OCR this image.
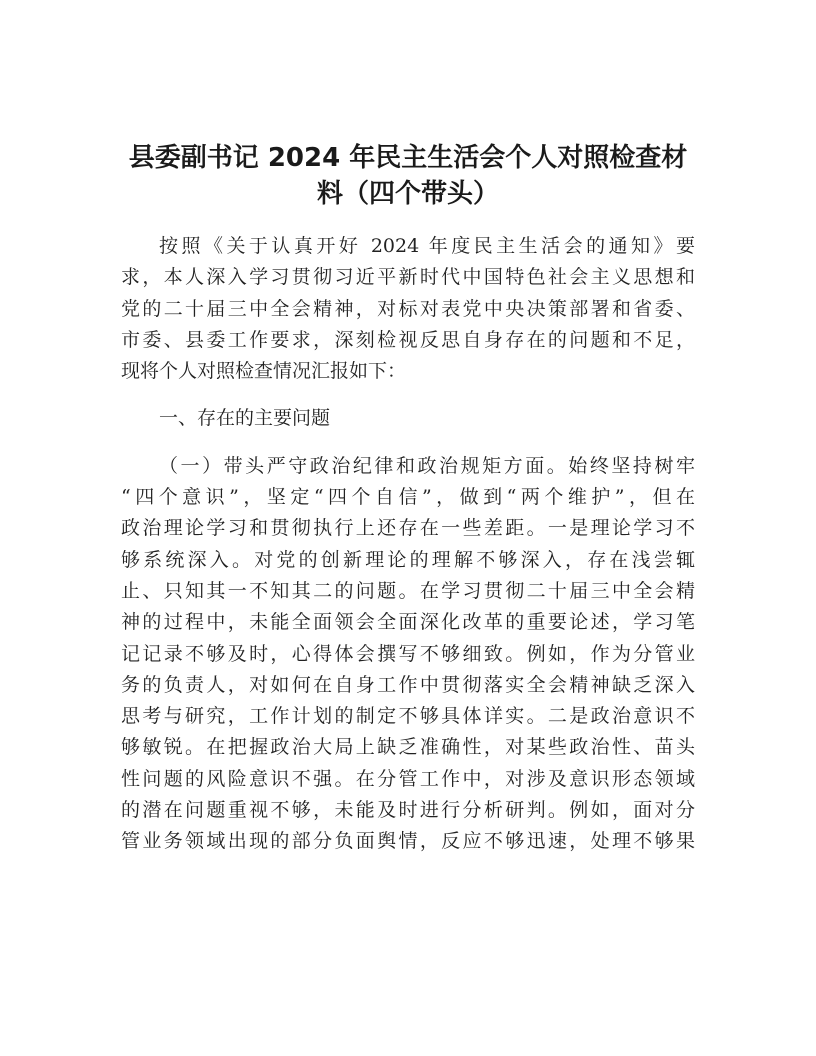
县委副书记 2024 年民主生活会个人对照检查材
料（四个带头）
按照《关于认真开好 2024 年度民主生活会的通知》要
求，本人深入学习贯彻习近平新时代中国特色社会主义思想和
党的二十届三中全会精神，对标对表党中央决策部署和省委、
市委、县委工作要求，深刻检视反思自身存在的问题和不足，
现将个人对照检查情况汇报如下：
一、存在的主要问题
（一）带头严守政治纪律和政治规矩方面。始终坚持树牢
“四个意识”，坚定“四个自信”，做到“两个维护”，但在
政治理论学习和贯彻执行上还存在一些差距。一是理论学习不
够系统深入。对党的创新理论的理解不够深入，存在浅尝辄
止、只知其一不知其二的问题。在学习贯彻二十届三中全会精
神的过程中，未能全面领会全面深化改革的重要论述，学习笔
记记录不够及时，心得体会撰写不够细致。例如，作为分管业
务的负责人，对如何在自身工作中贯彻落实全会精神缺乏深入
思考与研究，工作计划的制定不够具体详实。二是政治意识不
够敏锐。在把握政治大局上缺乏准确性，对某些政治性、苗头
性问题的风险意识不强。在分管工作中，对涉及意识形态领域
的潜在问题重视不够，未能及时进行分析研判。例如，面对分
管业务领域出现的部分负面舆情，反应不够迅速，处理不够果
